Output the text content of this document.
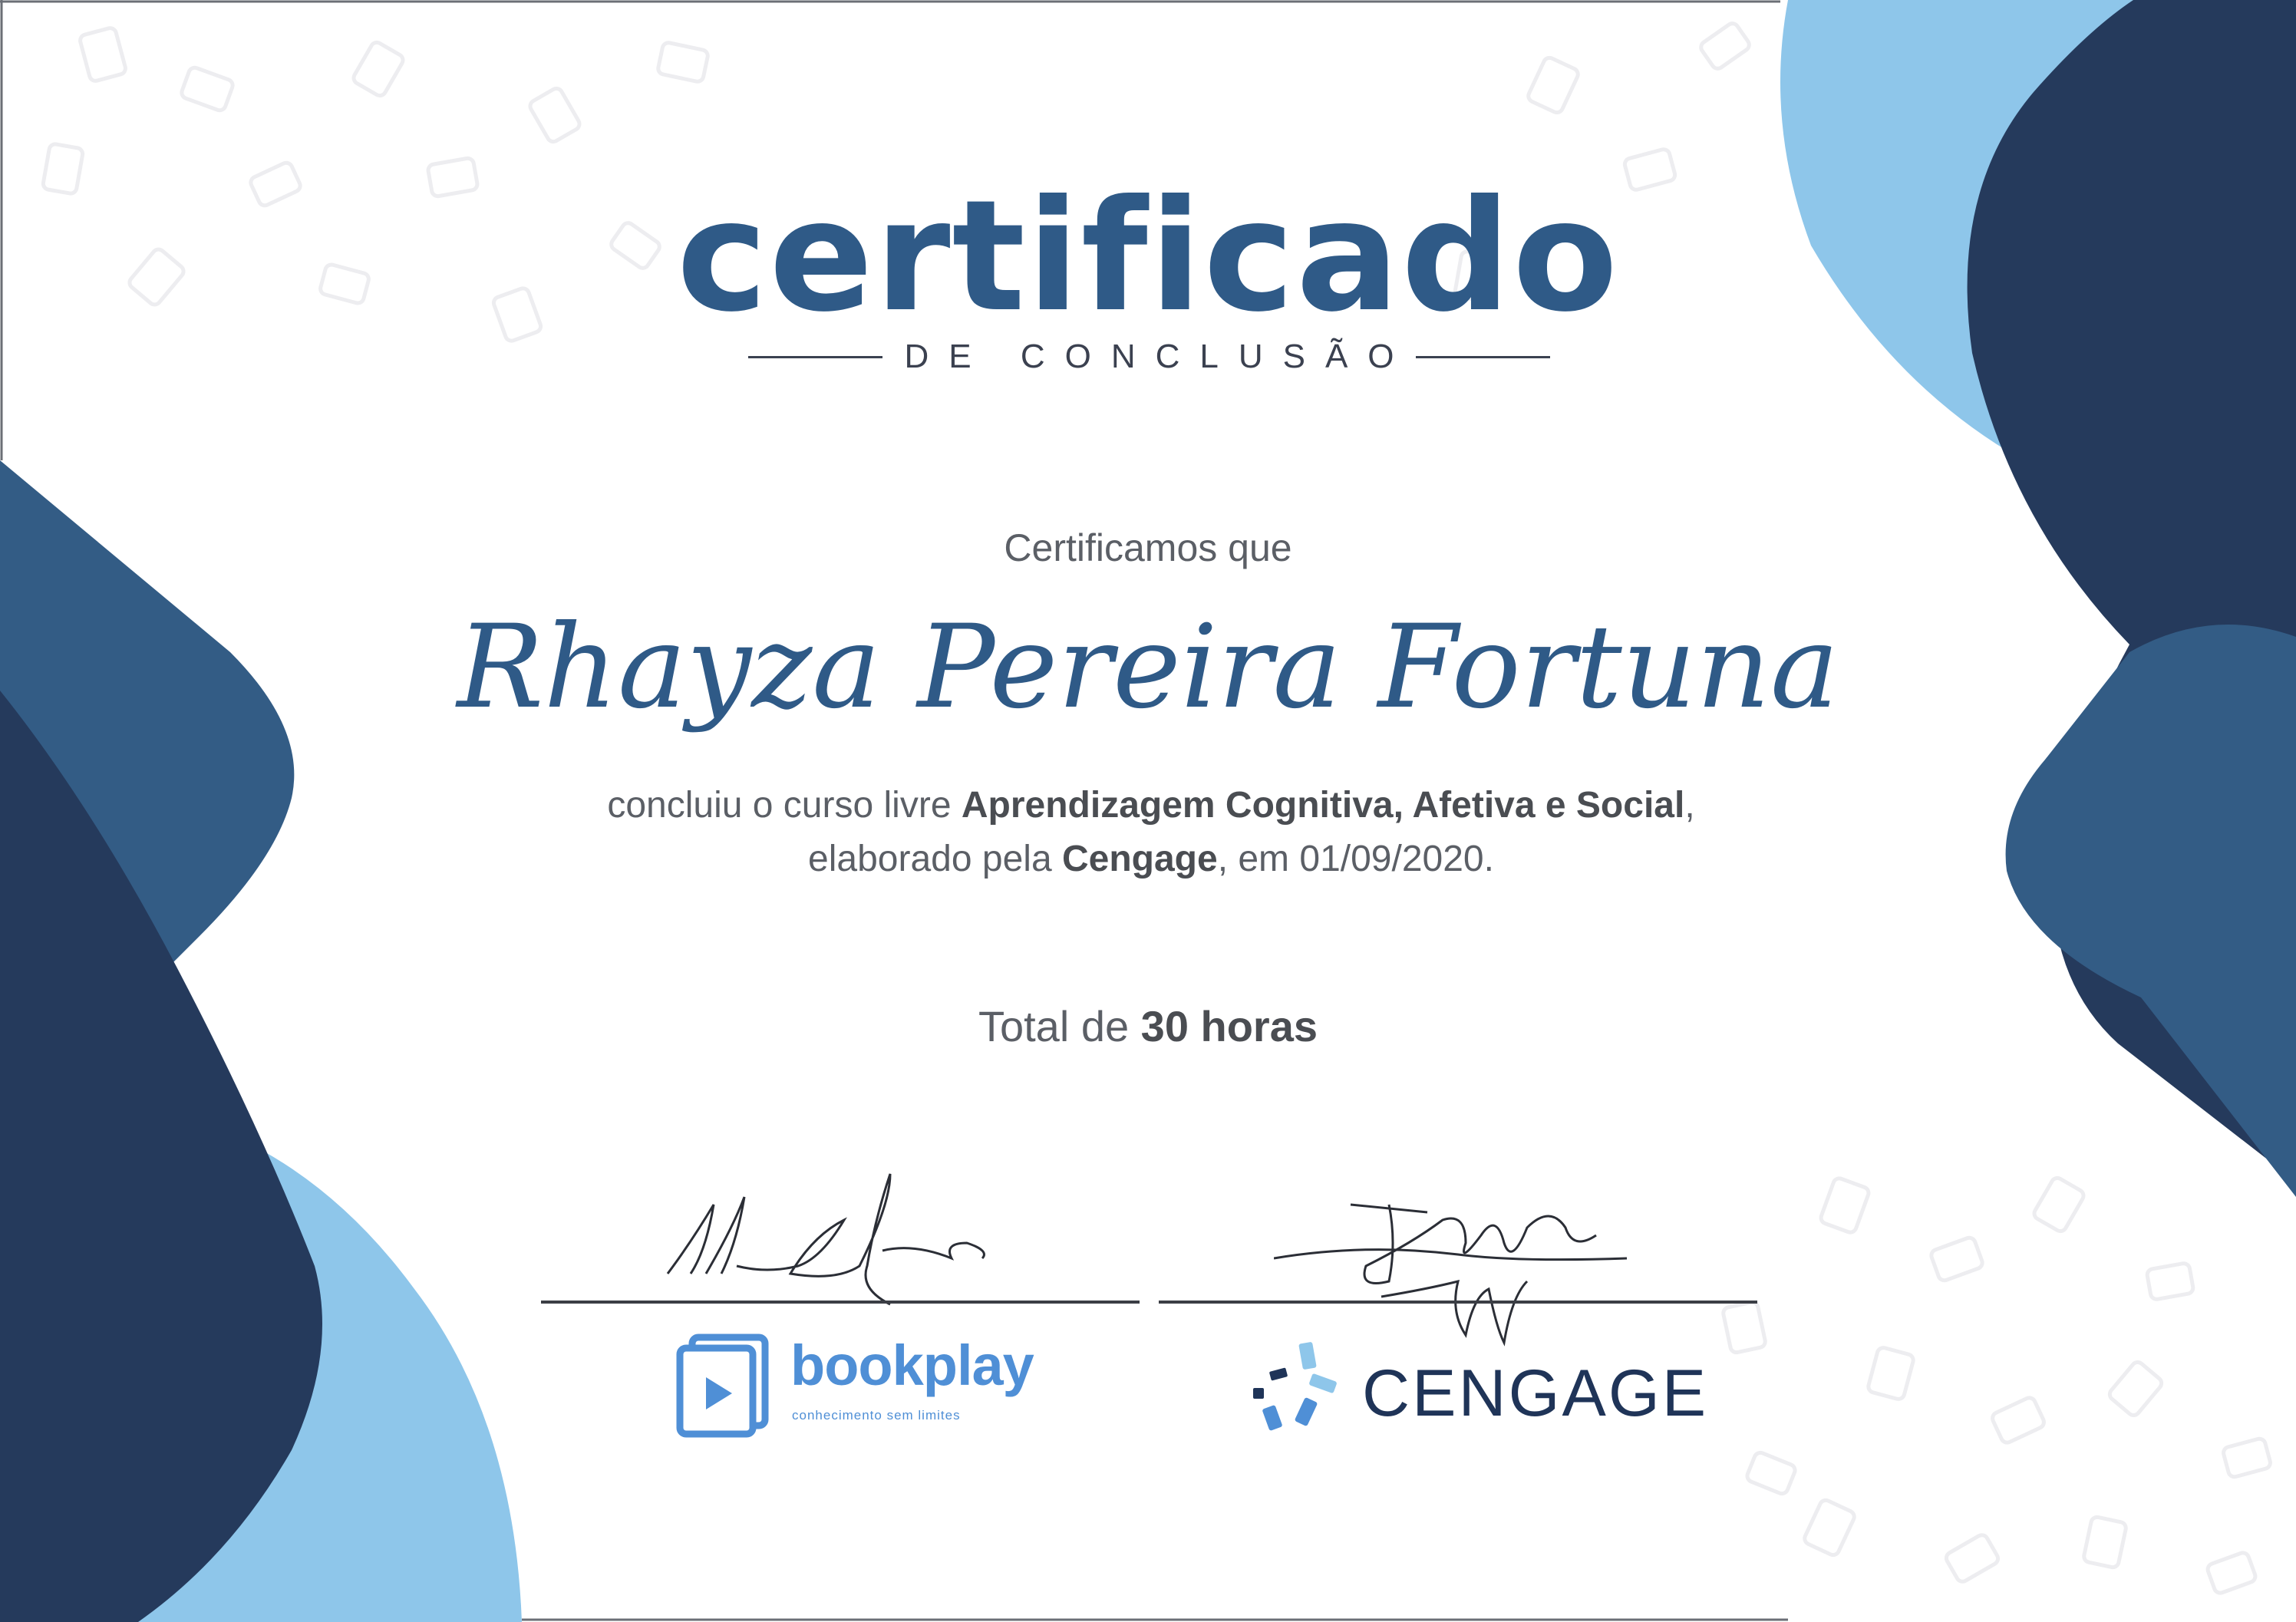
certificado
DE CONCLUSÃO
Certificamos que
Rhayza Pereira Fortuna
concluiu o curso livre Aprendizagem Cognitiva, Afetiva e Social, elaborado pela Cengage, em 01/09/2020.
Total de 30 horas
bookplay
conhecimento sem limites	CENGAGE
